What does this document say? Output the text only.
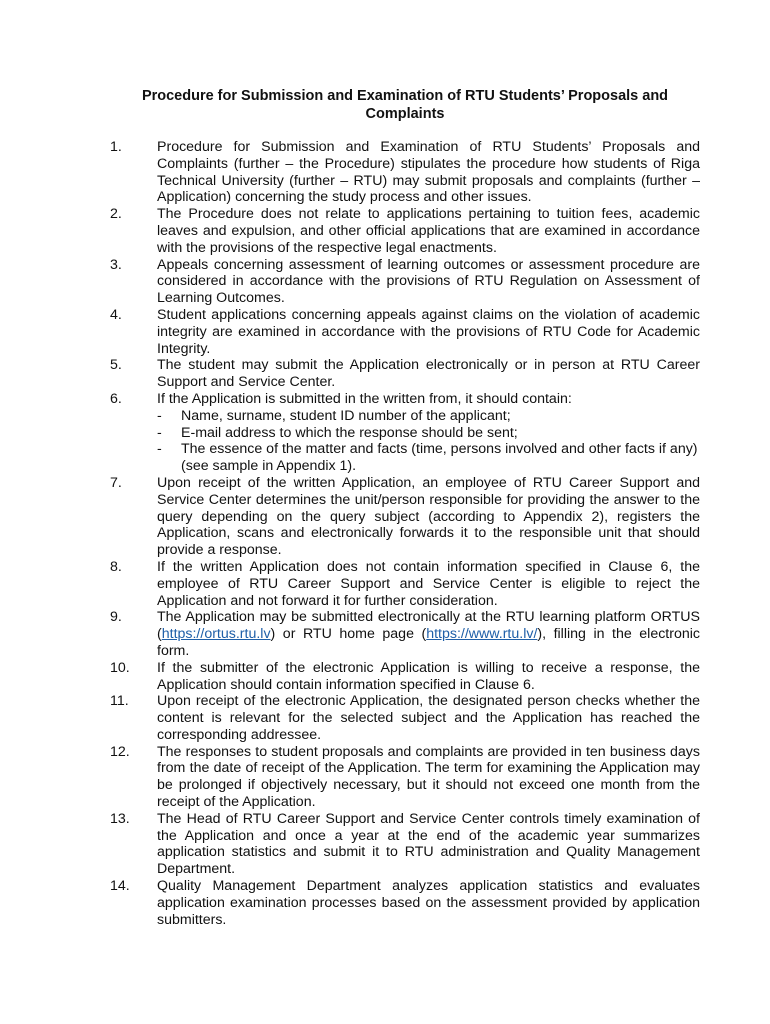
Procedure for Submission and Examination of RTU Students’ Proposals and
Complaints
1.	Procedure for Submission and Examination of RTU Students’ Proposals and Complaints (further – the Procedure) stipulates the procedure how students of Riga Technical University (further – RTU) may submit proposals and complaints (further – Application) concerning the study process and other issues.
2.	The Procedure does not relate to applications pertaining to tuition fees, academic leaves and expulsion, and other official applications that are examined in accordance with the provisions of the respective legal enactments.
3.	Appeals concerning assessment of learning outcomes or assessment procedure are considered in accordance with the provisions of RTU Regulation on Assessment of Learning Outcomes.
4.	Student applications concerning appeals against claims on the violation of academic integrity are examined in accordance with the provisions of RTU Code for Academic Integrity.
5.	The student may submit the Application electronically or in person at RTU Career Support and Service Center.
6.	If the Application is submitted in the written from, it should contain:
- Name, surname, student ID number of the applicant;
- E-mail address to which the response should be sent;
- The essence of the matter and facts (time, persons involved and other facts if any) (see sample in Appendix 1).
7.	Upon receipt of the written Application, an employee of RTU Career Support and Service Center determines the unit/person responsible for providing the answer to the query depending on the query subject (according to Appendix 2), registers the Application, scans and electronically forwards it to the responsible unit that should provide a response.
8.	If the written Application does not contain information specified in Clause 6, the employee of RTU Career Support and Service Center is eligible to reject the Application and not forward it for further consideration.
9.	The Application may be submitted electronically at the RTU learning platform ORTUS (https://ortus.rtu.lv) or RTU home page (https://www.rtu.lv/), filling in the electronic form.
10.	If the submitter of the electronic Application is willing to receive a response, the Application should contain information specified in Clause 6.
11.	Upon receipt of the electronic Application, the designated person checks whether the content is relevant for the selected subject and the Application has reached the corresponding addressee.
12.	The responses to student proposals and complaints are provided in ten business days from the date of receipt of the Application. The term for examining the Application may be prolonged if objectively necessary, but it should not exceed one month from the receipt of the Application.
13.	The Head of RTU Career Support and Service Center controls timely examination of the Application and once a year at the end of the academic year summarizes application statistics and submit it to RTU administration and Quality Management Department.
14.	Quality Management Department analyzes application statistics and evaluates application examination processes based on the assessment provided by application submitters.
